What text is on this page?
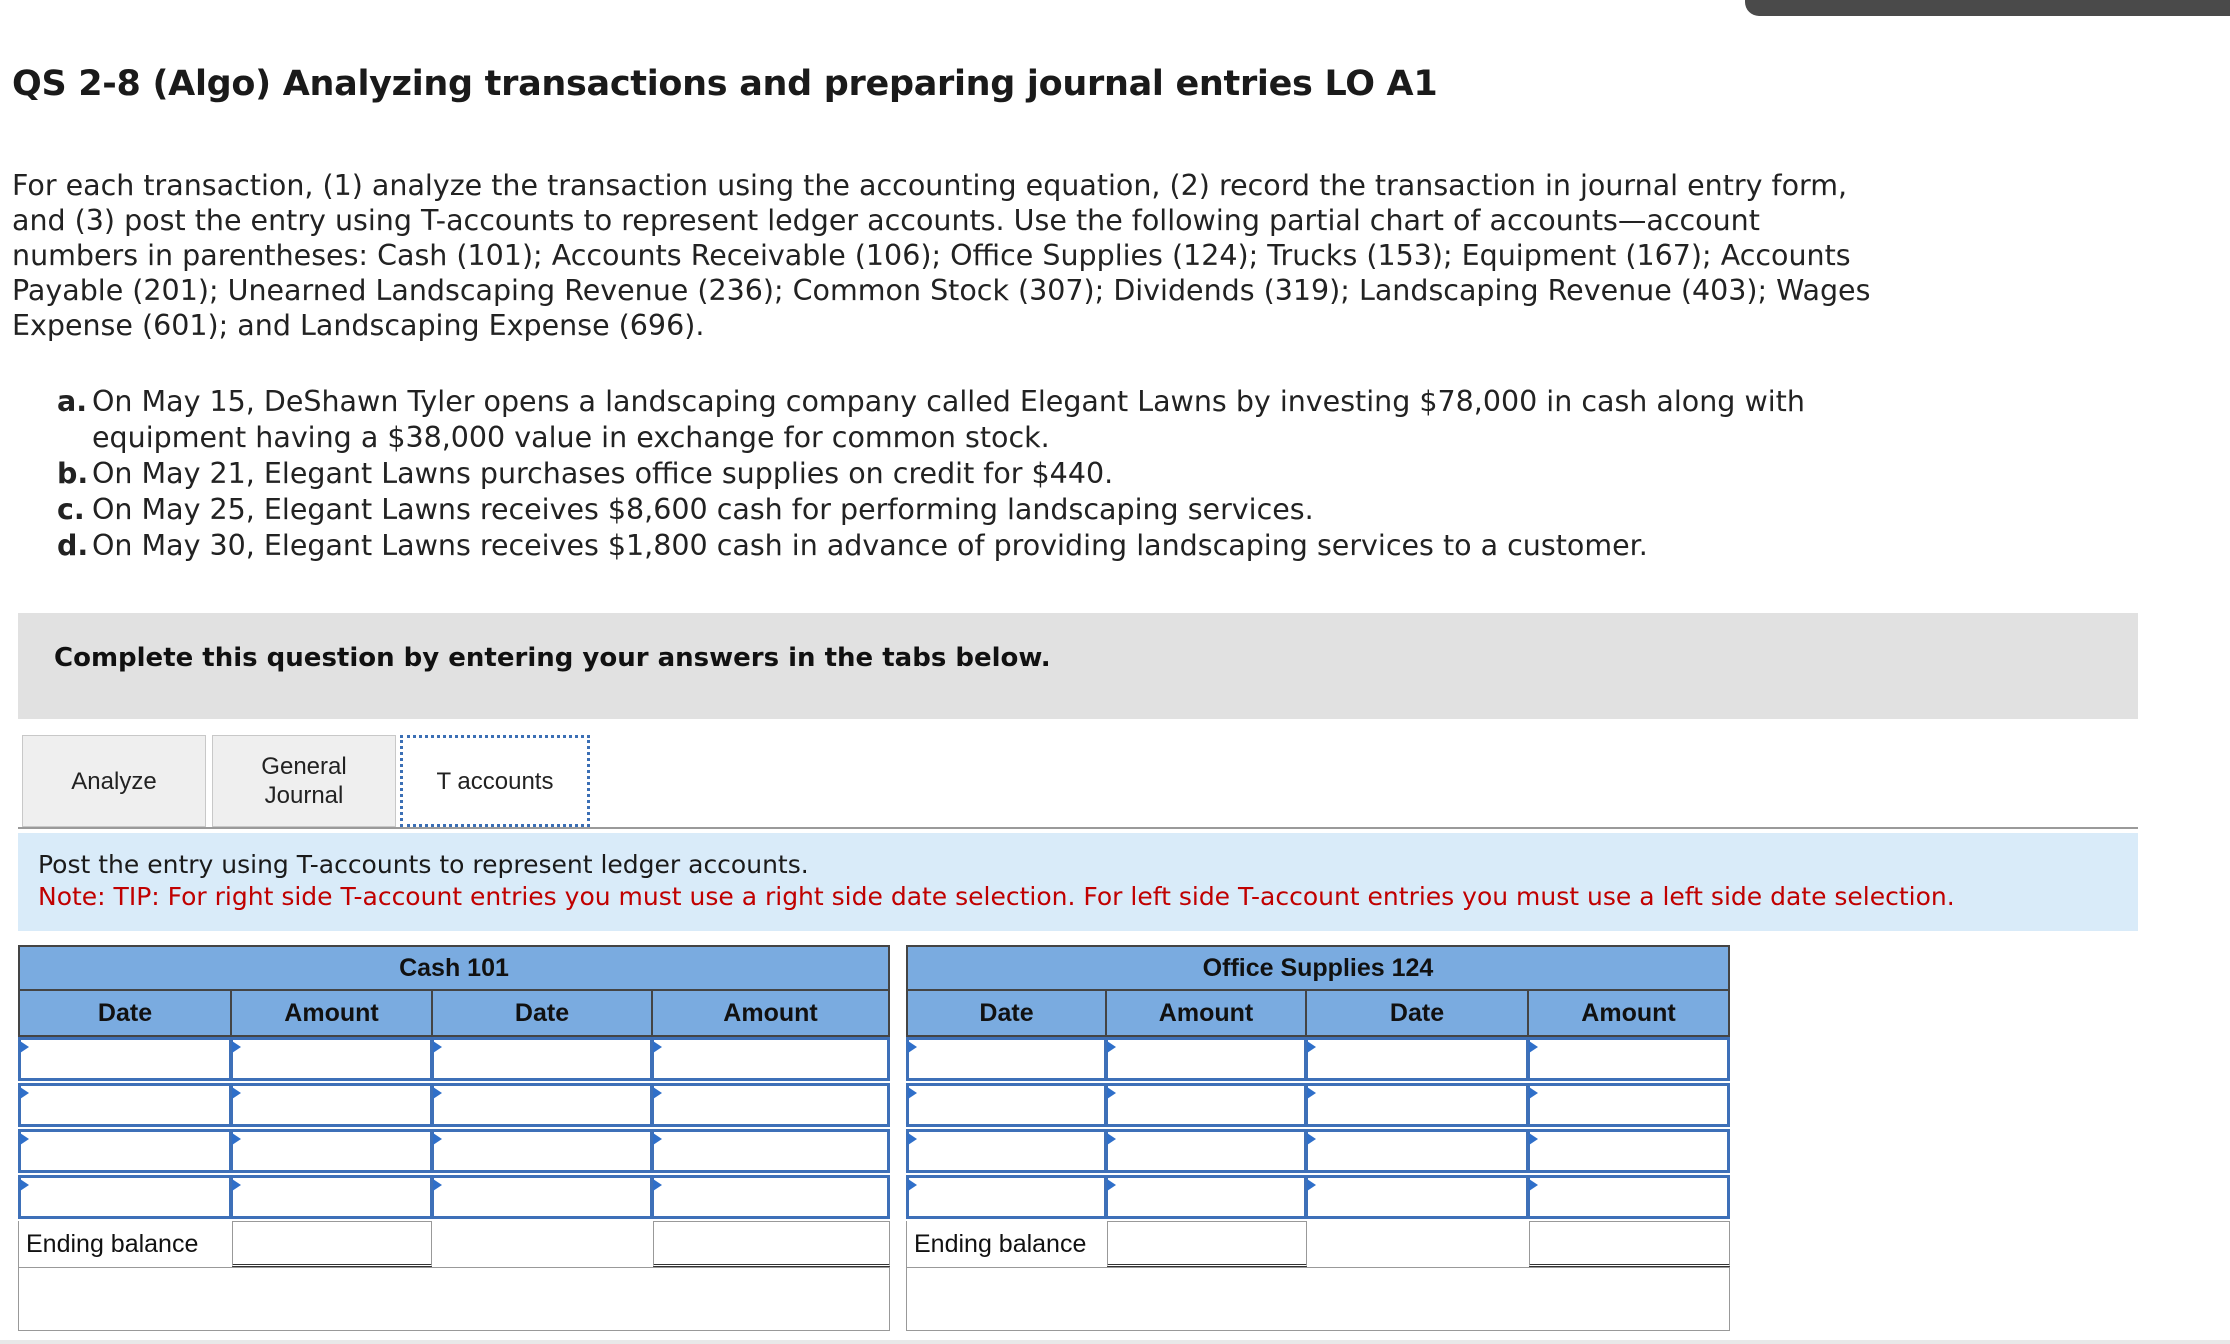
QS 2-8 (Algo) Analyzing transactions and preparing journal entries LO A1

For each transaction, (1) analyze the transaction using the accounting equation, (2) record the transaction in journal entry form, and (3) post the entry using T-accounts to represent ledger accounts. Use the following partial chart of accounts—account numbers in parentheses: Cash (101); Accounts Receivable (106); Office Supplies (124); Trucks (153); Equipment (167); Accounts Payable (201); Unearned Landscaping Revenue (236); Common Stock (307); Dividends (319); Landscaping Revenue (403); Wages Expense (601); and Landscaping Expense (696).

a. On May 15, DeShawn Tyler opens a landscaping company called Elegant Lawns by investing $78,000 in cash along with equipment having a $38,000 value in exchange for common stock.
b. On May 21, Elegant Lawns purchases office supplies on credit for $440.
c. On May 25, Elegant Lawns receives $8,600 cash for performing landscaping services.
d. On May 30, Elegant Lawns receives $1,800 cash in advance of providing landscaping services to a customer.
Complete this question by entering your answers in the tabs below.
Analyze
General Journal
T accounts
Post the entry using T-accounts to represent ledger accounts.
Note: TIP: For right side T-account entries you must use a right side date selection. For left side T-account entries you must use a left side date selection.
Cash 101
Date	Amount	Date	Amount
Ending balance
Office Supplies 124
Date	Amount	Date	Amount
Ending balance
